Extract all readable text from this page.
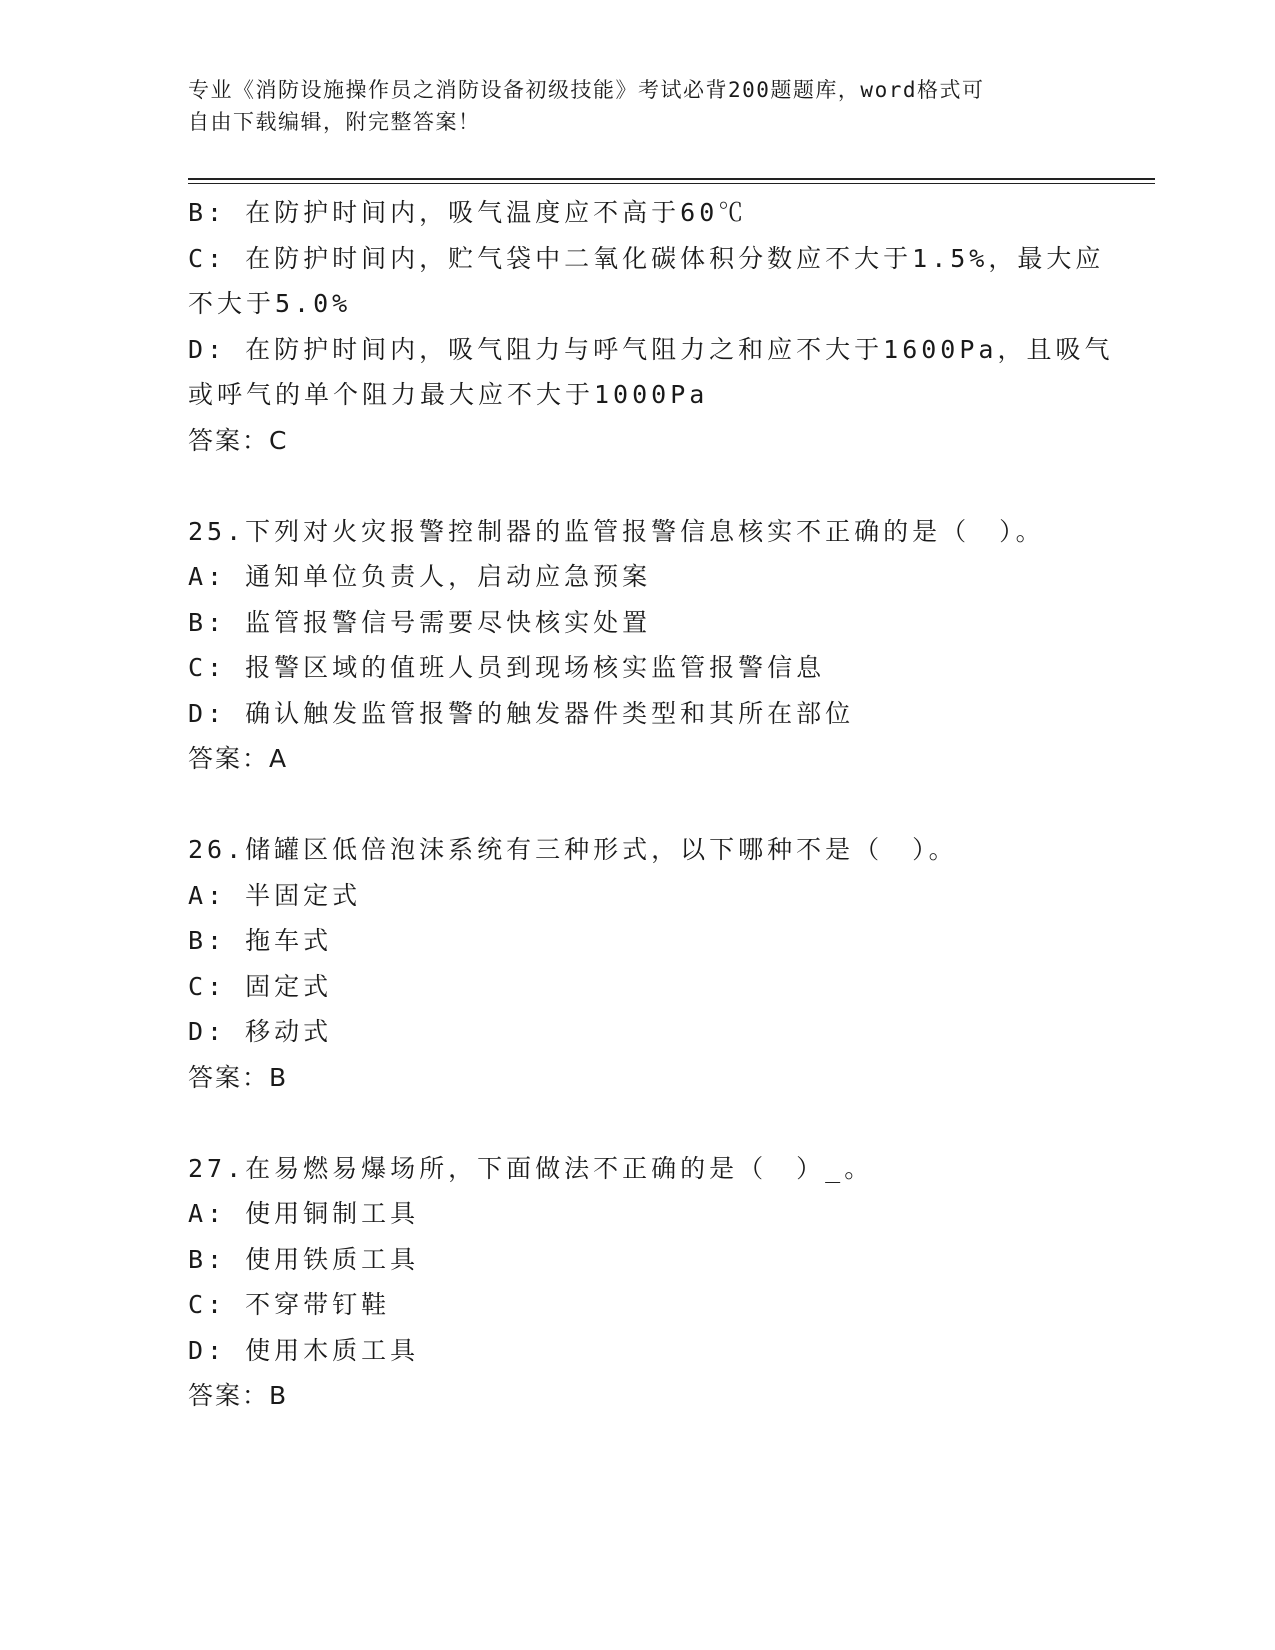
专业《消防设施操作员之消防设备初级技能》考试必背200题题库，word格式可
自由下载编辑，附完整答案！
B: 在防护时间内，吸气温度应不高于60℃
C: 在防护时间内，贮气袋中二氧化碳体积分数应不大于1.5%，最大应
不大于5.0%
D: 在防护时间内，吸气阻力与呼气阻力之和应不大于1600Pa，且吸气
或呼气的单个阻力最大应不大于1000Pa
答案：C
25.下列对火灾报警控制器的监管报警信息核实不正确的是（　）。
A: 通知单位负责人，启动应急预案
B: 监管报警信号需要尽快核实处置
C: 报警区域的值班人员到现场核实监管报警信息
D: 确认触发监管报警的触发器件类型和其所在部位
答案：A
26.储罐区低倍泡沫系统有三种形式，以下哪种不是（　）。
A: 半固定式
B: 拖车式
C: 固定式
D: 移动式
答案：B
27.在易燃易爆场所，下面做法不正确的是（　）_。
A: 使用铜制工具
B: 使用铁质工具
C: 不穿带钉鞋
D: 使用木质工具
答案：B
